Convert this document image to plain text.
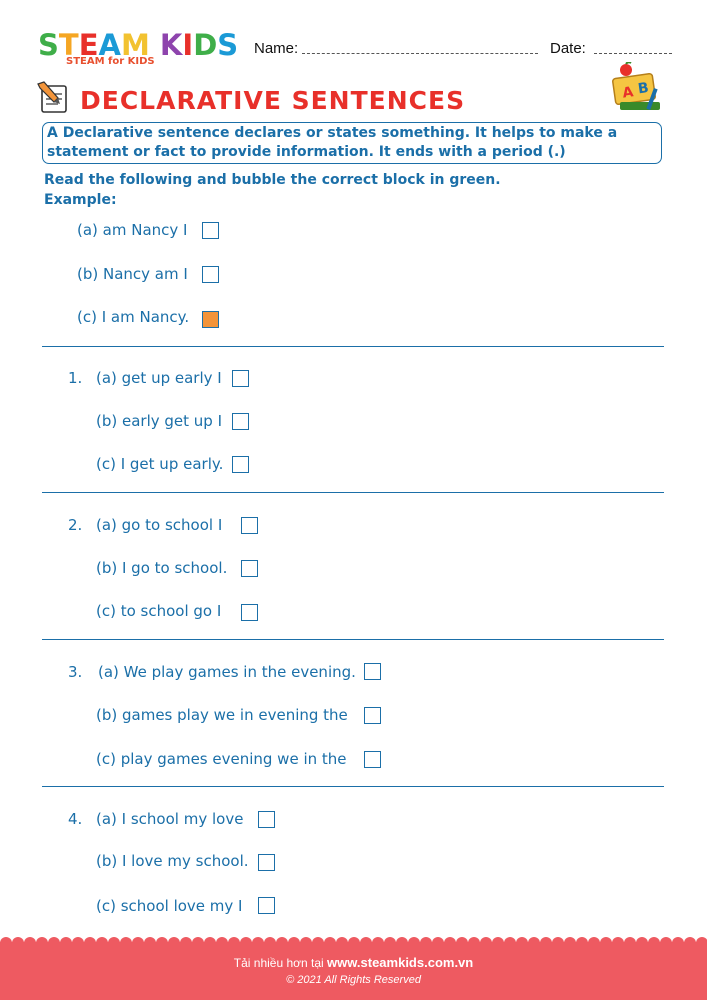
STEAM KIDS
STEAM for KIDS
Name:	Date:
DECLARATIVE SENTENCES	A B
A Declarative sentence declares or states something. It helps to make a statement or fact to provide information. It ends with a period (.)
Read the following and bubble the correct block in green.
Example:
(a) am Nancy I
(b) Nancy am I
(c) I am Nancy.
1. (a) get up early I
(b) early get up I
(c) I get up early.
2. (a) go to school I
(b) I go to school.
(c) to school go I
3. (a) We play games in the evening.
(b) games play we in evening the
(c) play games evening we in the
4. (a) I school my love
(b) I love my school.
(c) school love my I
Tải nhiều hơn tại www.steamkids.com.vn
© 2021 All Rights Reserved
